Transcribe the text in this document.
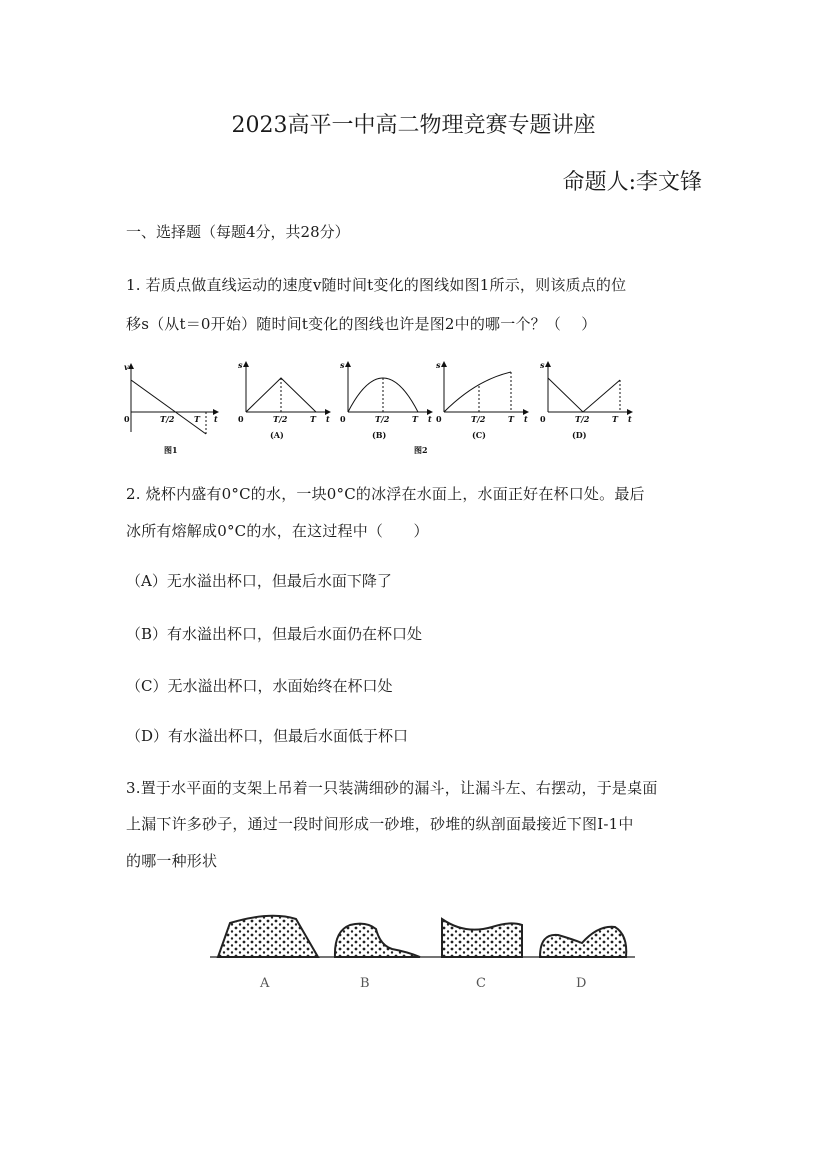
2023高平一中高二物理竞赛专题讲座
命题人:李文锋
一、选择题（每题4分，共28分）
1. 若质点做直线运动的速度v随时间t变化的图线如图1所示，则该质点的位
移s（从t＝0开始）随时间t变化的图线也许是图2中的哪一个？（　 ）
v
0	T/2 T t
图1
s
0	T/2	T t
(A)
s
0	T/2	T t
(B)
s
0	T/2	T t
(C)
图2
s
0	T/2	T t
(D)
2. 烧杯内盛有0°C的水，一块0°C的冰浮在水面上，水面正好在杯口处。最后
冰所有熔解成0°C的水，在这过程中（　　）
（A）无水溢出杯口，但最后水面下降了
（B）有水溢出杯口，但最后水面仍在杯口处
（C）无水溢出杯口，水面始终在杯口处
（D）有水溢出杯口，但最后水面低于杯口
3.置于水平面的支架上吊着一只装满细砂的漏斗，让漏斗左、右摆动，于是桌面
上漏下许多砂子，通过一段时间形成一砂堆，砂堆的纵剖面最接近下图Ⅰ-1中
的哪一种形状
A	B	C	D
